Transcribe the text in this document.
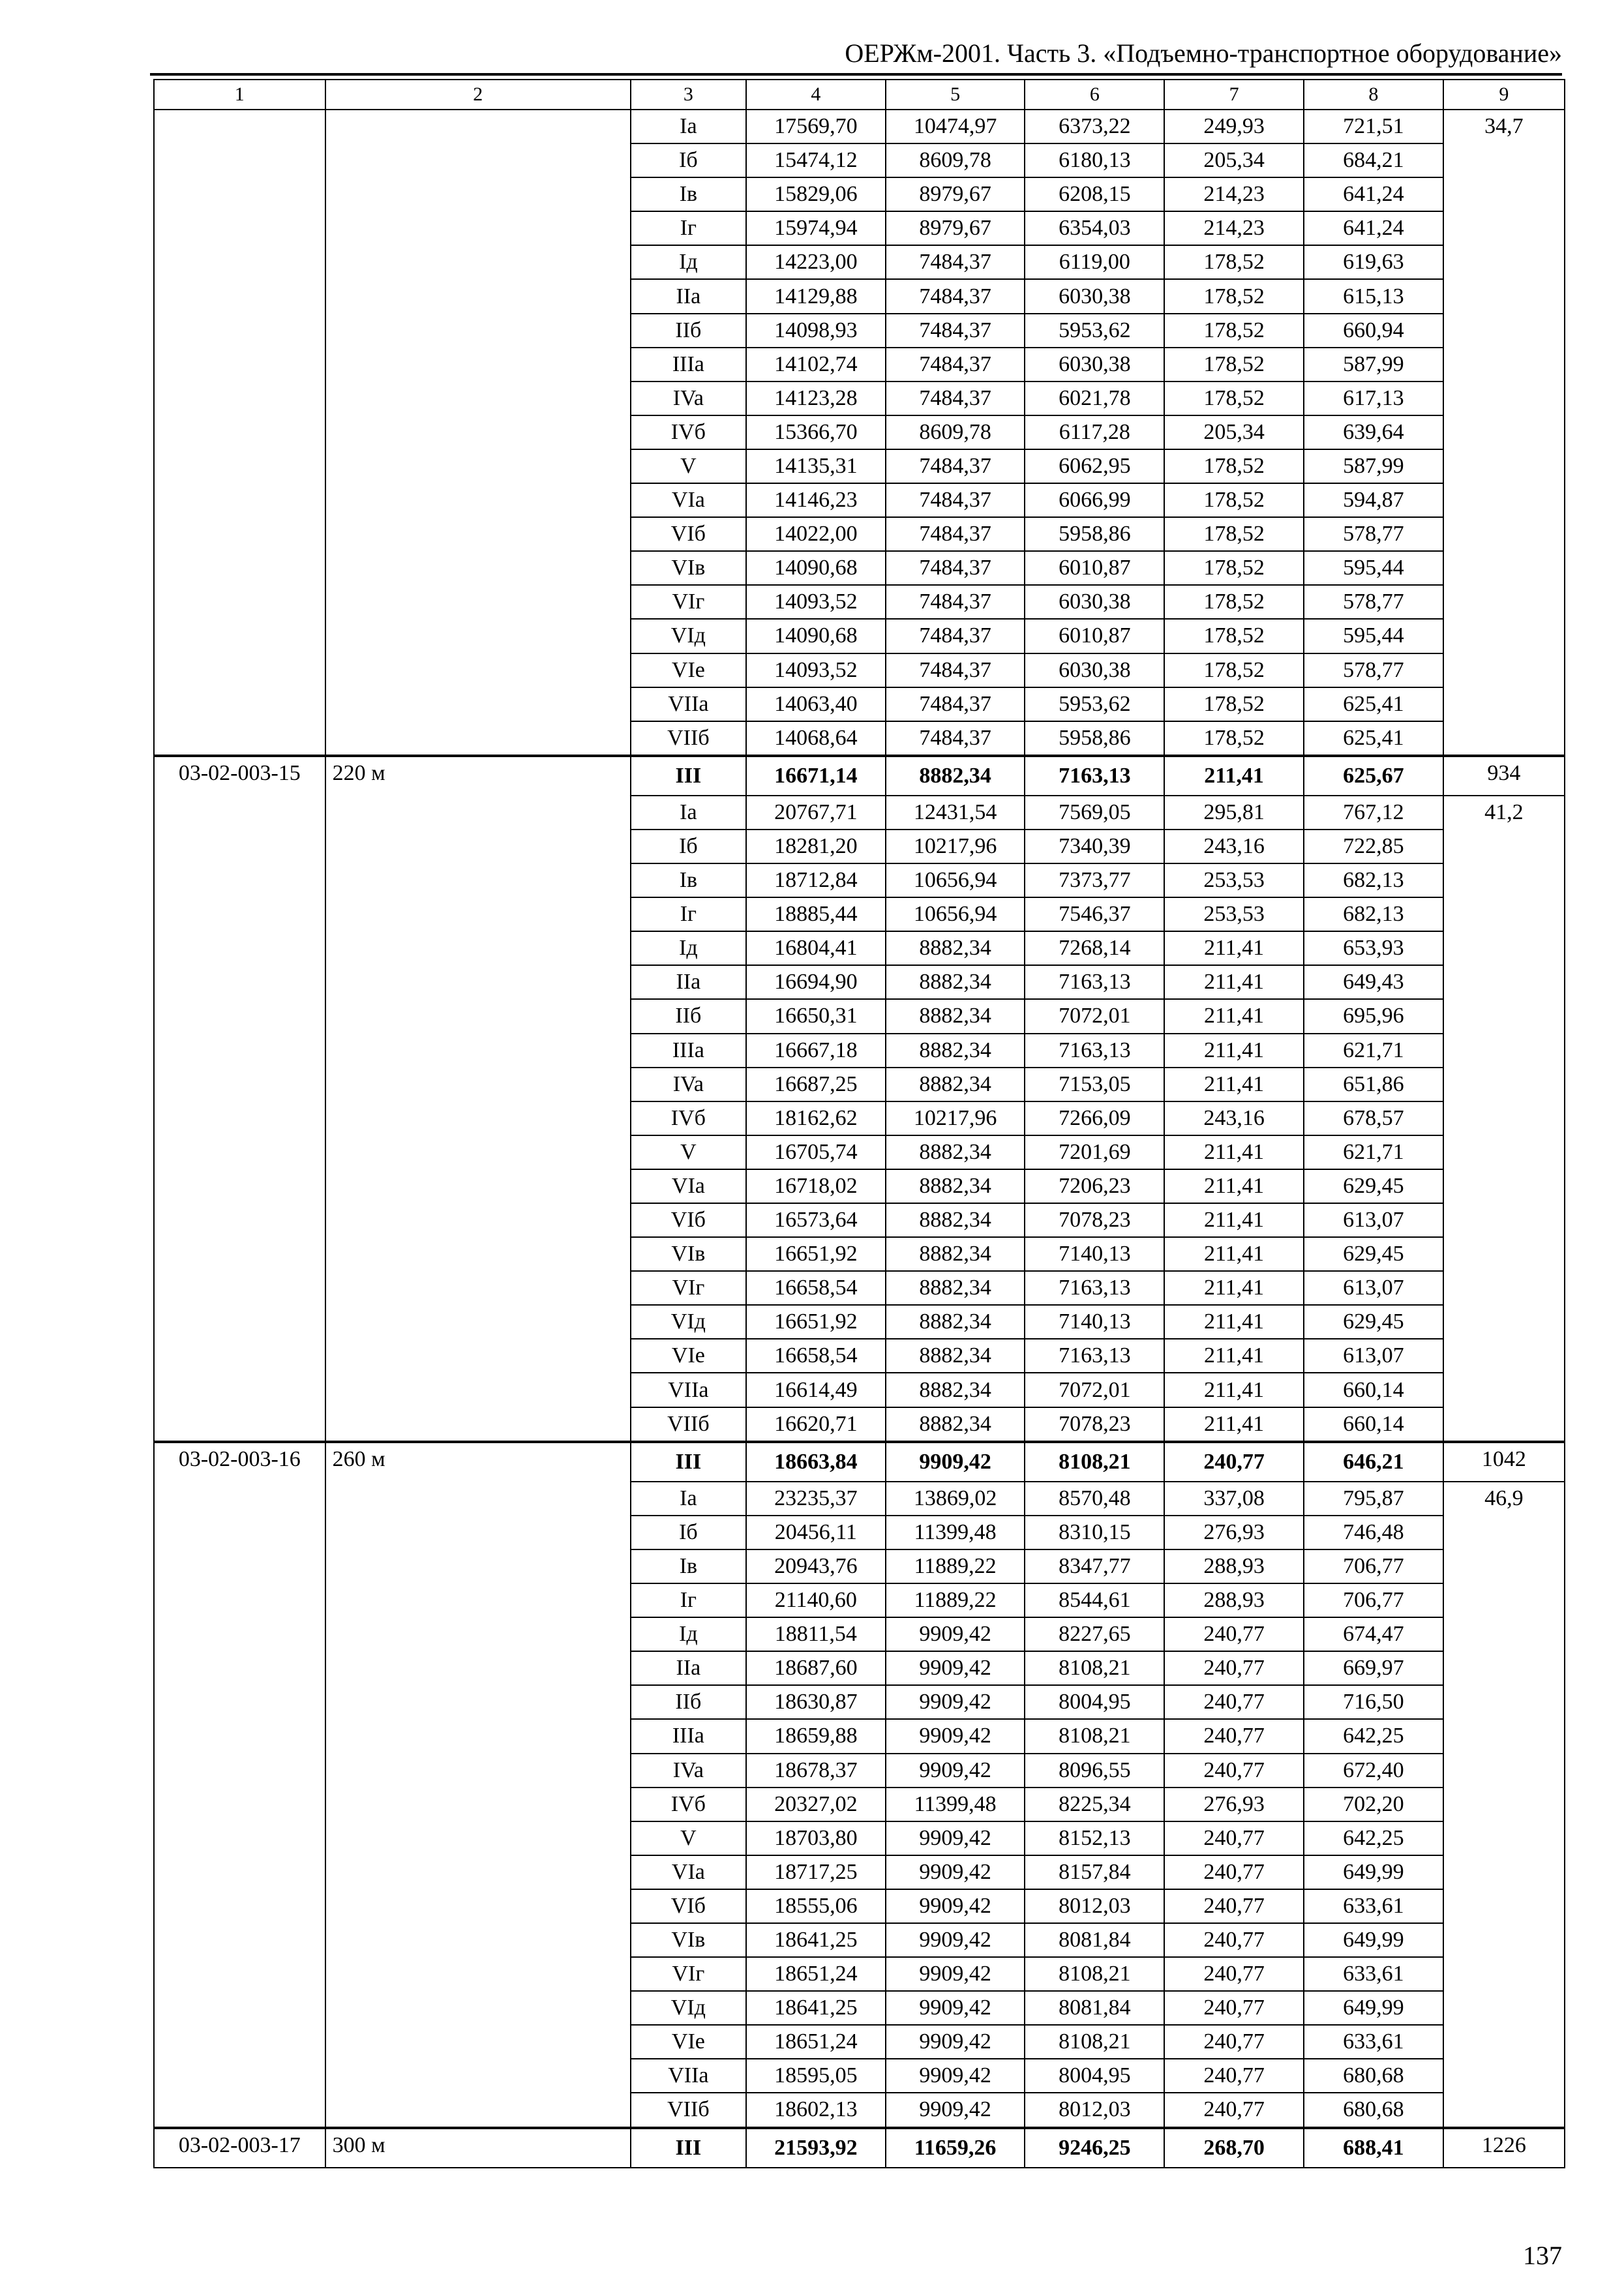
ОЕРЖм-2001. Часть 3. «Подъемно-транспортное оборудование»
1	2	3	4	5	6	7	8	9
		Ia	17569,70	10474,97	6373,22	249,93	721,51	34,7
		Iб	15474,12	8609,78	6180,13	205,34	684,21	
		Iв	15829,06	8979,67	6208,15	214,23	641,24	
		Iг	15974,94	8979,67	6354,03	214,23	641,24	
		Iд	14223,00	7484,37	6119,00	178,52	619,63	
		IIa	14129,88	7484,37	6030,38	178,52	615,13	
		IIб	14098,93	7484,37	5953,62	178,52	660,94	
		IIIa	14102,74	7484,37	6030,38	178,52	587,99	
		IVa	14123,28	7484,37	6021,78	178,52	617,13	
		IVб	15366,70	8609,78	6117,28	205,34	639,64	
		V	14135,31	7484,37	6062,95	178,52	587,99	
		VIa	14146,23	7484,37	6066,99	178,52	594,87	
		VIб	14022,00	7484,37	5958,86	178,52	578,77	
		VIв	14090,68	7484,37	6010,87	178,52	595,44	
		VIг	14093,52	7484,37	6030,38	178,52	578,77	
		VIд	14090,68	7484,37	6010,87	178,52	595,44	
		VIe	14093,52	7484,37	6030,38	178,52	578,77	
		VIIa	14063,40	7484,37	5953,62	178,52	625,41	
		VIIб	14068,64	7484,37	5958,86	178,52	625,41	
03-02-003-15	220 м	III	16671,14	8882,34	7163,13	211,41	625,67	934
		Ia	20767,71	12431,54	7569,05	295,81	767,12	41,2
		Iб	18281,20	10217,96	7340,39	243,16	722,85	
		Iв	18712,84	10656,94	7373,77	253,53	682,13	
		Iг	18885,44	10656,94	7546,37	253,53	682,13	
		Iд	16804,41	8882,34	7268,14	211,41	653,93	
		IIa	16694,90	8882,34	7163,13	211,41	649,43	
		IIб	16650,31	8882,34	7072,01	211,41	695,96	
		IIIa	16667,18	8882,34	7163,13	211,41	621,71	
		IVa	16687,25	8882,34	7153,05	211,41	651,86	
		IVб	18162,62	10217,96	7266,09	243,16	678,57	
		V	16705,74	8882,34	7201,69	211,41	621,71	
		VIa	16718,02	8882,34	7206,23	211,41	629,45	
		VIб	16573,64	8882,34	7078,23	211,41	613,07	
		VIв	16651,92	8882,34	7140,13	211,41	629,45	
		VIг	16658,54	8882,34	7163,13	211,41	613,07	
		VIд	16651,92	8882,34	7140,13	211,41	629,45	
		VIe	16658,54	8882,34	7163,13	211,41	613,07	
		VIIa	16614,49	8882,34	7072,01	211,41	660,14	
		VIIб	16620,71	8882,34	7078,23	211,41	660,14	
03-02-003-16	260 м	III	18663,84	9909,42	8108,21	240,77	646,21	1042
		Ia	23235,37	13869,02	8570,48	337,08	795,87	46,9
		Iб	20456,11	11399,48	8310,15	276,93	746,48	
		Iв	20943,76	11889,22	8347,77	288,93	706,77	
		Iг	21140,60	11889,22	8544,61	288,93	706,77	
		Iд	18811,54	9909,42	8227,65	240,77	674,47	
		IIa	18687,60	9909,42	8108,21	240,77	669,97	
		IIб	18630,87	9909,42	8004,95	240,77	716,50	
		IIIa	18659,88	9909,42	8108,21	240,77	642,25	
		IVa	18678,37	9909,42	8096,55	240,77	672,40	
		IVб	20327,02	11399,48	8225,34	276,93	702,20	
		V	18703,80	9909,42	8152,13	240,77	642,25	
		VIa	18717,25	9909,42	8157,84	240,77	649,99	
		VIб	18555,06	9909,42	8012,03	240,77	633,61	
		VIв	18641,25	9909,42	8081,84	240,77	649,99	
		VIг	18651,24	9909,42	8108,21	240,77	633,61	
		VIд	18641,25	9909,42	8081,84	240,77	649,99	
		VIe	18651,24	9909,42	8108,21	240,77	633,61	
		VIIa	18595,05	9909,42	8004,95	240,77	680,68	
		VIIб	18602,13	9909,42	8012,03	240,77	680,68	
03-02-003-17	300 м	III	21593,92	11659,26	9246,25	268,70	688,41	1226
137
